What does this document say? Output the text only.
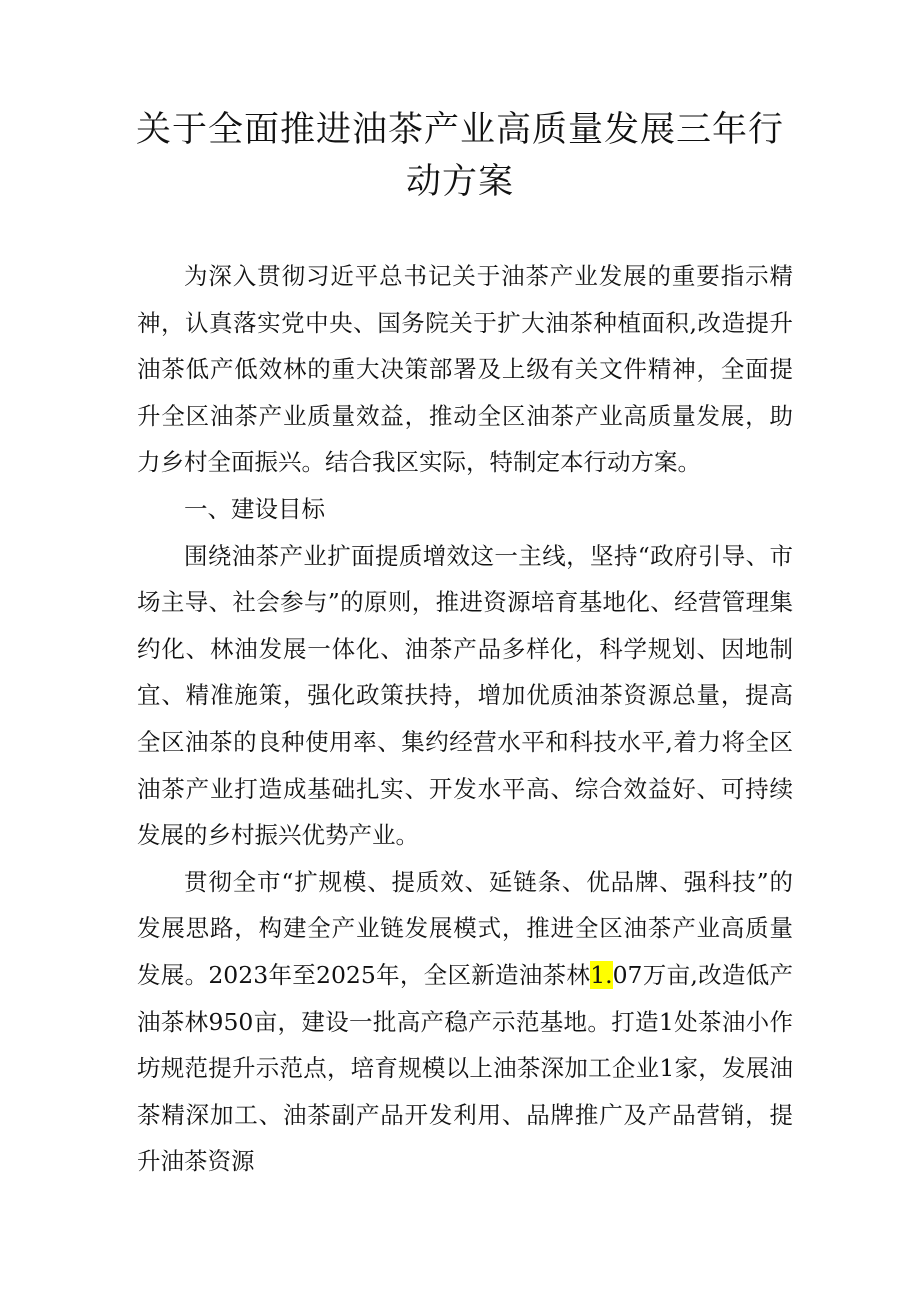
关于全面推进油茶产业高质量发展三年行
动方案

为深入贯彻习近平总书记关于油茶产业发展的重要指示精神，认真落实党中央、国务院关于扩大油茶种植面积,改造提升油茶低产低效林的重大决策部署及上级有关文件精神，全面提升全区油茶产业质量效益，推动全区油茶产业高质量发展，助力乡村全面振兴。结合我区实际，特制定本行动方案。

一、建设目标

围绕油茶产业扩面提质增效这一主线，坚持“政府引导、市场主导、社会参与”的原则，推进资源培育基地化、经营管理集约化、林油发展一体化、油茶产品多样化，科学规划、因地制宜、精准施策，强化政策扶持，增加优质油茶资源总量，提高全区油茶的良种使用率、集约经营水平和科技水平,着力将全区油茶产业打造成基础扎实、开发水平高、综合效益好、可持续发展的乡村振兴优势产业。

贯彻全市“扩规模、提质效、延链条、优品牌、强科技”的发展思路，构建全产业链发展模式，推进全区油茶产业高质量发展。2023年至2025年，全区新造油茶林1.07万亩,改造低产油茶林950亩，建设一批高产稳产示范基地。打造1处茶油小作坊规范提升示范点，培育规模以上油茶深加工企业1家，发展油茶精深加工、油茶副产品开发利用、品牌推广及产品营销，提升油茶资源
